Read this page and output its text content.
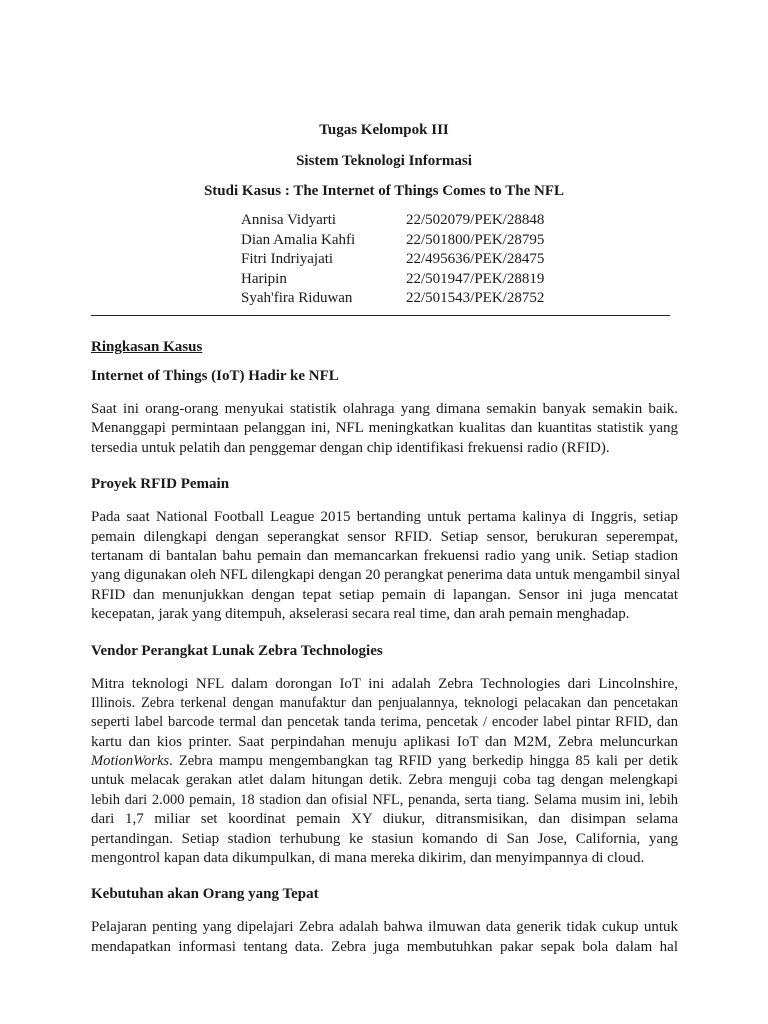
Tugas Kelompok III
Sistem Teknologi Informasi
Studi Kasus : The Internet of Things Comes to The NFL
Annisa Vidyarti	22/502079/PEK/28848
Dian Amalia Kahfi	22/501800/PEK/28795
Fitri Indriyajati	22/495636/PEK/28475
Haripin	22/501947/PEK/28819
Syah'fira Riduwan	22/501543/PEK/28752

Ringkasan Kasus

Internet of Things (IoT) Hadir ke NFL

Saat ini orang-orang menyukai statistik olahraga yang dimana semakin banyak semakin baik.
Menanggapi permintaan pelanggan ini, NFL meningkatkan kualitas dan kuantitas statistik yang
tersedia untuk pelatih dan penggemar dengan chip identifikasi frekuensi radio (RFID).

Proyek RFID Pemain

Pada saat National Football League 2015 bertanding untuk pertama kalinya di Inggris, setiap
pemain dilengkapi dengan seperangkat sensor RFID. Setiap sensor, berukuran seperempat,
tertanam di bantalan bahu pemain dan memancarkan frekuensi radio yang unik. Setiap stadion
yang digunakan oleh NFL dilengkapi dengan 20 perangkat penerima data untuk mengambil sinyal
RFID dan menunjukkan dengan tepat setiap pemain di lapangan. Sensor ini juga mencatat
kecepatan, jarak yang ditempuh, akselerasi secara real time, dan arah pemain menghadap.

Vendor Perangkat Lunak Zebra Technologies

Mitra teknologi NFL dalam dorongan IoT ini adalah Zebra Technologies dari Lincolnshire,
Illinois. Zebra terkenal dengan manufaktur dan penjualannya, teknologi pelacakan dan pencetakan
seperti label barcode termal dan pencetak tanda terima, pencetak / encoder label pintar RFID, dan
kartu dan kios printer. Saat perpindahan menuju aplikasi IoT dan M2M, Zebra meluncurkan
MotionWorks. Zebra mampu mengembangkan tag RFID yang berkedip hingga 85 kali per detik
untuk melacak gerakan atlet dalam hitungan detik. Zebra menguji coba tag dengan melengkapi
lebih dari 2.000 pemain, 18 stadion dan ofisial NFL, penanda, serta tiang. Selama musim ini, lebih
dari 1,7 miliar set koordinat pemain XY diukur, ditransmisikan, dan disimpan selama
pertandingan. Setiap stadion terhubung ke stasiun komando di San Jose, California, yang
mengontrol kapan data dikumpulkan, di mana mereka dikirim, dan menyimpannya di cloud.

Kebutuhan akan Orang yang Tepat

Pelajaran penting yang dipelajari Zebra adalah bahwa ilmuwan data generik tidak cukup untuk
mendapatkan informasi tentang data. Zebra juga membutuhkan pakar sepak bola dalam hal
